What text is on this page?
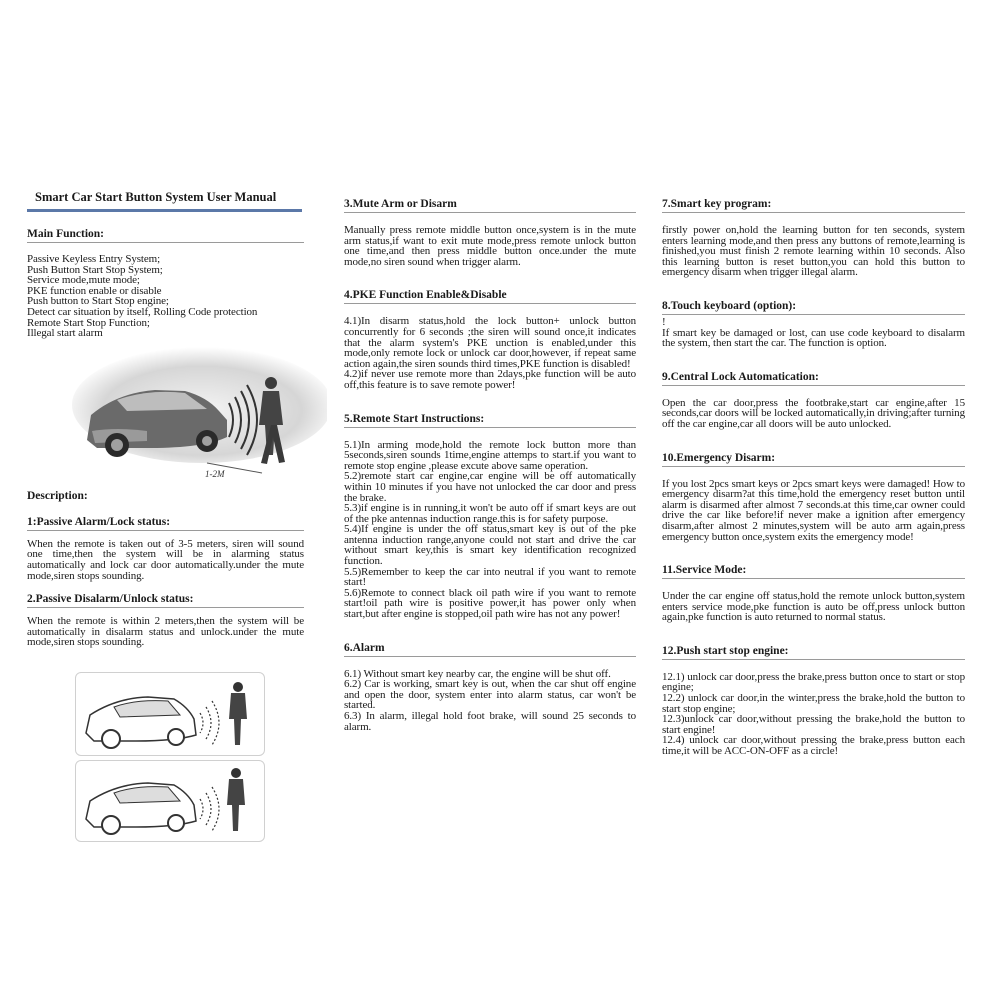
Smart Car Start Button System User Manual
Main Function:
Passive Keyless Entry System;
Push Button Start Stop System;
Service mode,mute mode;
PKE function enable or disable
Push button to Start Stop engine;
Detect car situation by itself, Rolling Code protection
Remote Start Stop Function;
Illegal start alarm
1-2M
Description:
1:Passive Alarm/Lock status:
When the remote is taken out of 3-5 meters, siren will sound one time,then the system will be in alarming status automatically and lock car door automatically.under the mute mode,siren stops sounding.
2.Passive Disalarm/Unlock status:
When the remote is within 2 meters,then the system will be automatically in disalarm status and unlock.under the mute mode,siren stops sounding.
3.Mute Arm or Disarm
Manually press remote middle button once,system is in the mute arm status,if want to exit mute mode,press remote unlock button one time,and then press middle button once.under the mute mode,no siren sound when trigger alarm.
4.PKE Function Enable&Disable
4.1)In disarm status,hold the lock button+ unlock button concurrently for 6 seconds ;the siren will sound once,it indicates that the alarm system's PKE unction is enabled,under this mode,only remote lock or unlock car door,however, if repeat same action again,the siren sounds third times,PKE function is disabled!
4.2)if never use remote more than 2days,pke function will be auto off,this feature is to save remote power!
5.Remote Start Instructions:
5.1)In arming mode,hold the remote lock button more than 5seconds,siren sounds 1time,engine attemps to start.if you want to remote stop engine ,please excute above same operation.
5.2)remote start car engine,car engine will be off automatically within 10 minutes if you have not unlocked the car door and press the brake.
5.3)if engine is in running,it won't be auto off if smart keys are out of the pke antennas induction range.this is for safety purpose.
5.4)If engine is under the off status,smart key is out of the pke antenna induction range,anyone could not start and drive the car without smart key,this is smart key identification recognized function.
5.5)Remember to keep the car into neutral if you want to remote start!
5.6)Remote to connect black oil path wire if you want to remote start!oil path wire is positive power,it has power only when start,but after engine is stopped,oil path wire has not any power!
6.Alarm
6.1) Without smart key nearby car, the engine will be shut off.
6.2) Car is working, smart key is out, when the car shut off engine and open the door, system enter into alarm status, car won't be started.
6.3) In alarm, illegal hold foot brake, will sound 25 seconds to alarm.
7.Smart key program:
firstly power on,hold the learning button for ten seconds, system enters learning mode,and then press any buttons of remote,learning is finished,you must finish 2 remote learning within 10 seconds. Also this learning button is reset button,you can hold this button to emergency disarm when trigger illegal alarm.
8.Touch keyboard (option):
!
If smart key be damaged or lost, can use code keyboard to disalarm the system, then start the car. The function is option.
9.Central Lock Automatication:
Open the car door,press the footbrake,start car engine,after 15 seconds,car doors will be locked automatically,in driving;after turning off the car engine,car all doors will be auto unlocked.
10.Emergency Disarm:
If you lost 2pcs smart keys or 2pcs smart keys were damaged! How to emergency disarm?at this time,hold the emergency reset button until alarm is disarmed after almost 7 seconds.at this time,car owner could drive the car like before!if never make a ignition after emergency disarm,after almost 2 minutes,system will be auto arm again,press emergency button once,system exits the emergency mode!
11.Service Mode:
Under the car engine off status,hold the remote unlock button,system enters service mode,pke function is auto be off,press unlock button again,pke function is auto returned to normal status.
12.Push start stop engine:
12.1) unlock car door,press the brake,press button once to start or stop engine;
12.2) unlock car door,in the winter,press the brake,hold the button to start stop engine;
12.3)unlock car door,without pressing the brake,hold the button to start engine!
12.4) unlock car door,without pressing the brake,press button each time,it will be ACC-ON-OFF as a circle!
